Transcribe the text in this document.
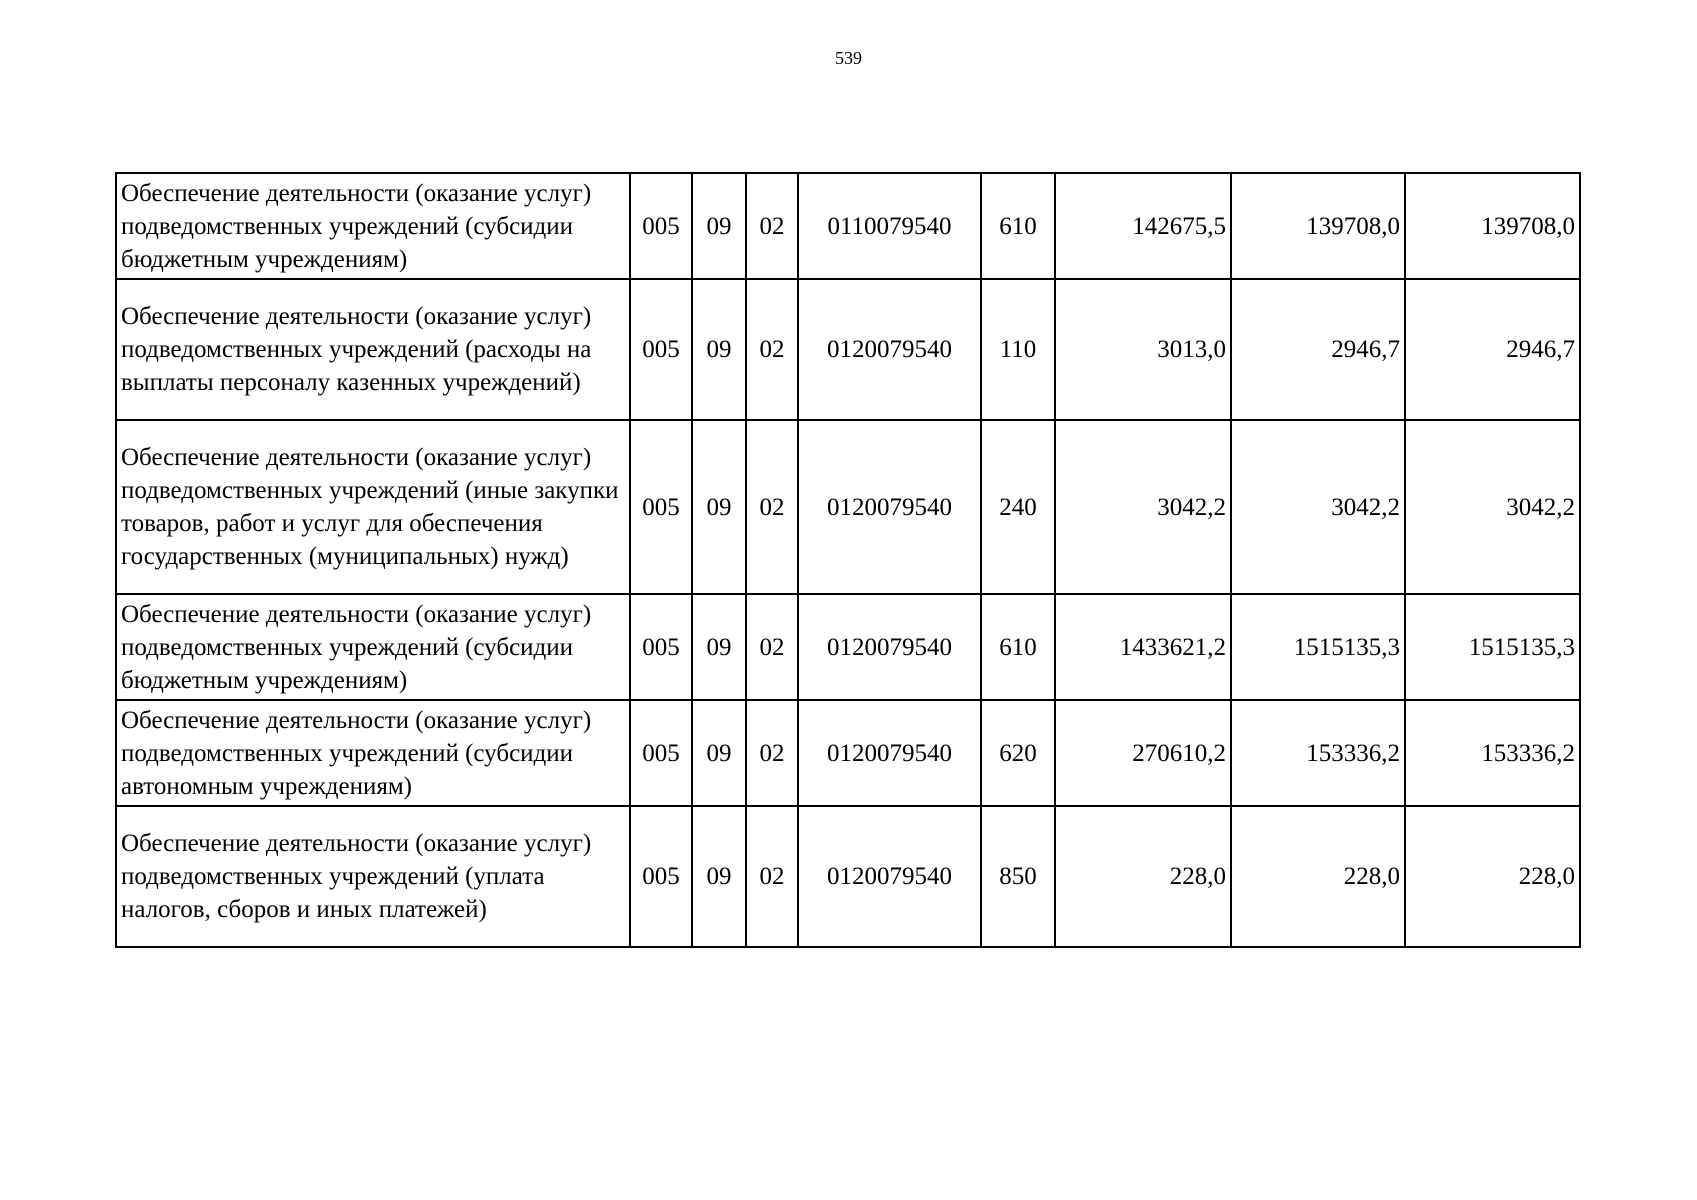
539
Обеспечение деятельности (оказание услуг) подведомственных учреждений (субсидии бюджетным учреждениям)	005	09	02	0110079540	610	142675,5	139708,0	139708,0
Обеспечение деятельности (оказание услуг) подведомственных учреждений (расходы на выплаты персоналу казенных учреждений)	005	09	02	0120079540	110	3013,0	2946,7	2946,7
Обеспечение деятельности (оказание услуг) подведомственных учреждений (иные закупки товаров, работ и услуг для обеспечения государственных (муниципальных) нужд)	005	09	02	0120079540	240	3042,2	3042,2	3042,2
Обеспечение деятельности (оказание услуг) подведомственных учреждений (субсидии бюджетным учреждениям)	005	09	02	0120079540	610	1433621,2	1515135,3	1515135,3
Обеспечение деятельности (оказание услуг) подведомственных учреждений (субсидии автономным учреждениям)	005	09	02	0120079540	620	270610,2	153336,2	153336,2
Обеспечение деятельности (оказание услуг) подведомственных учреждений (уплата налогов, сборов и иных платежей)	005	09	02	0120079540	850	228,0	228,0	228,0
